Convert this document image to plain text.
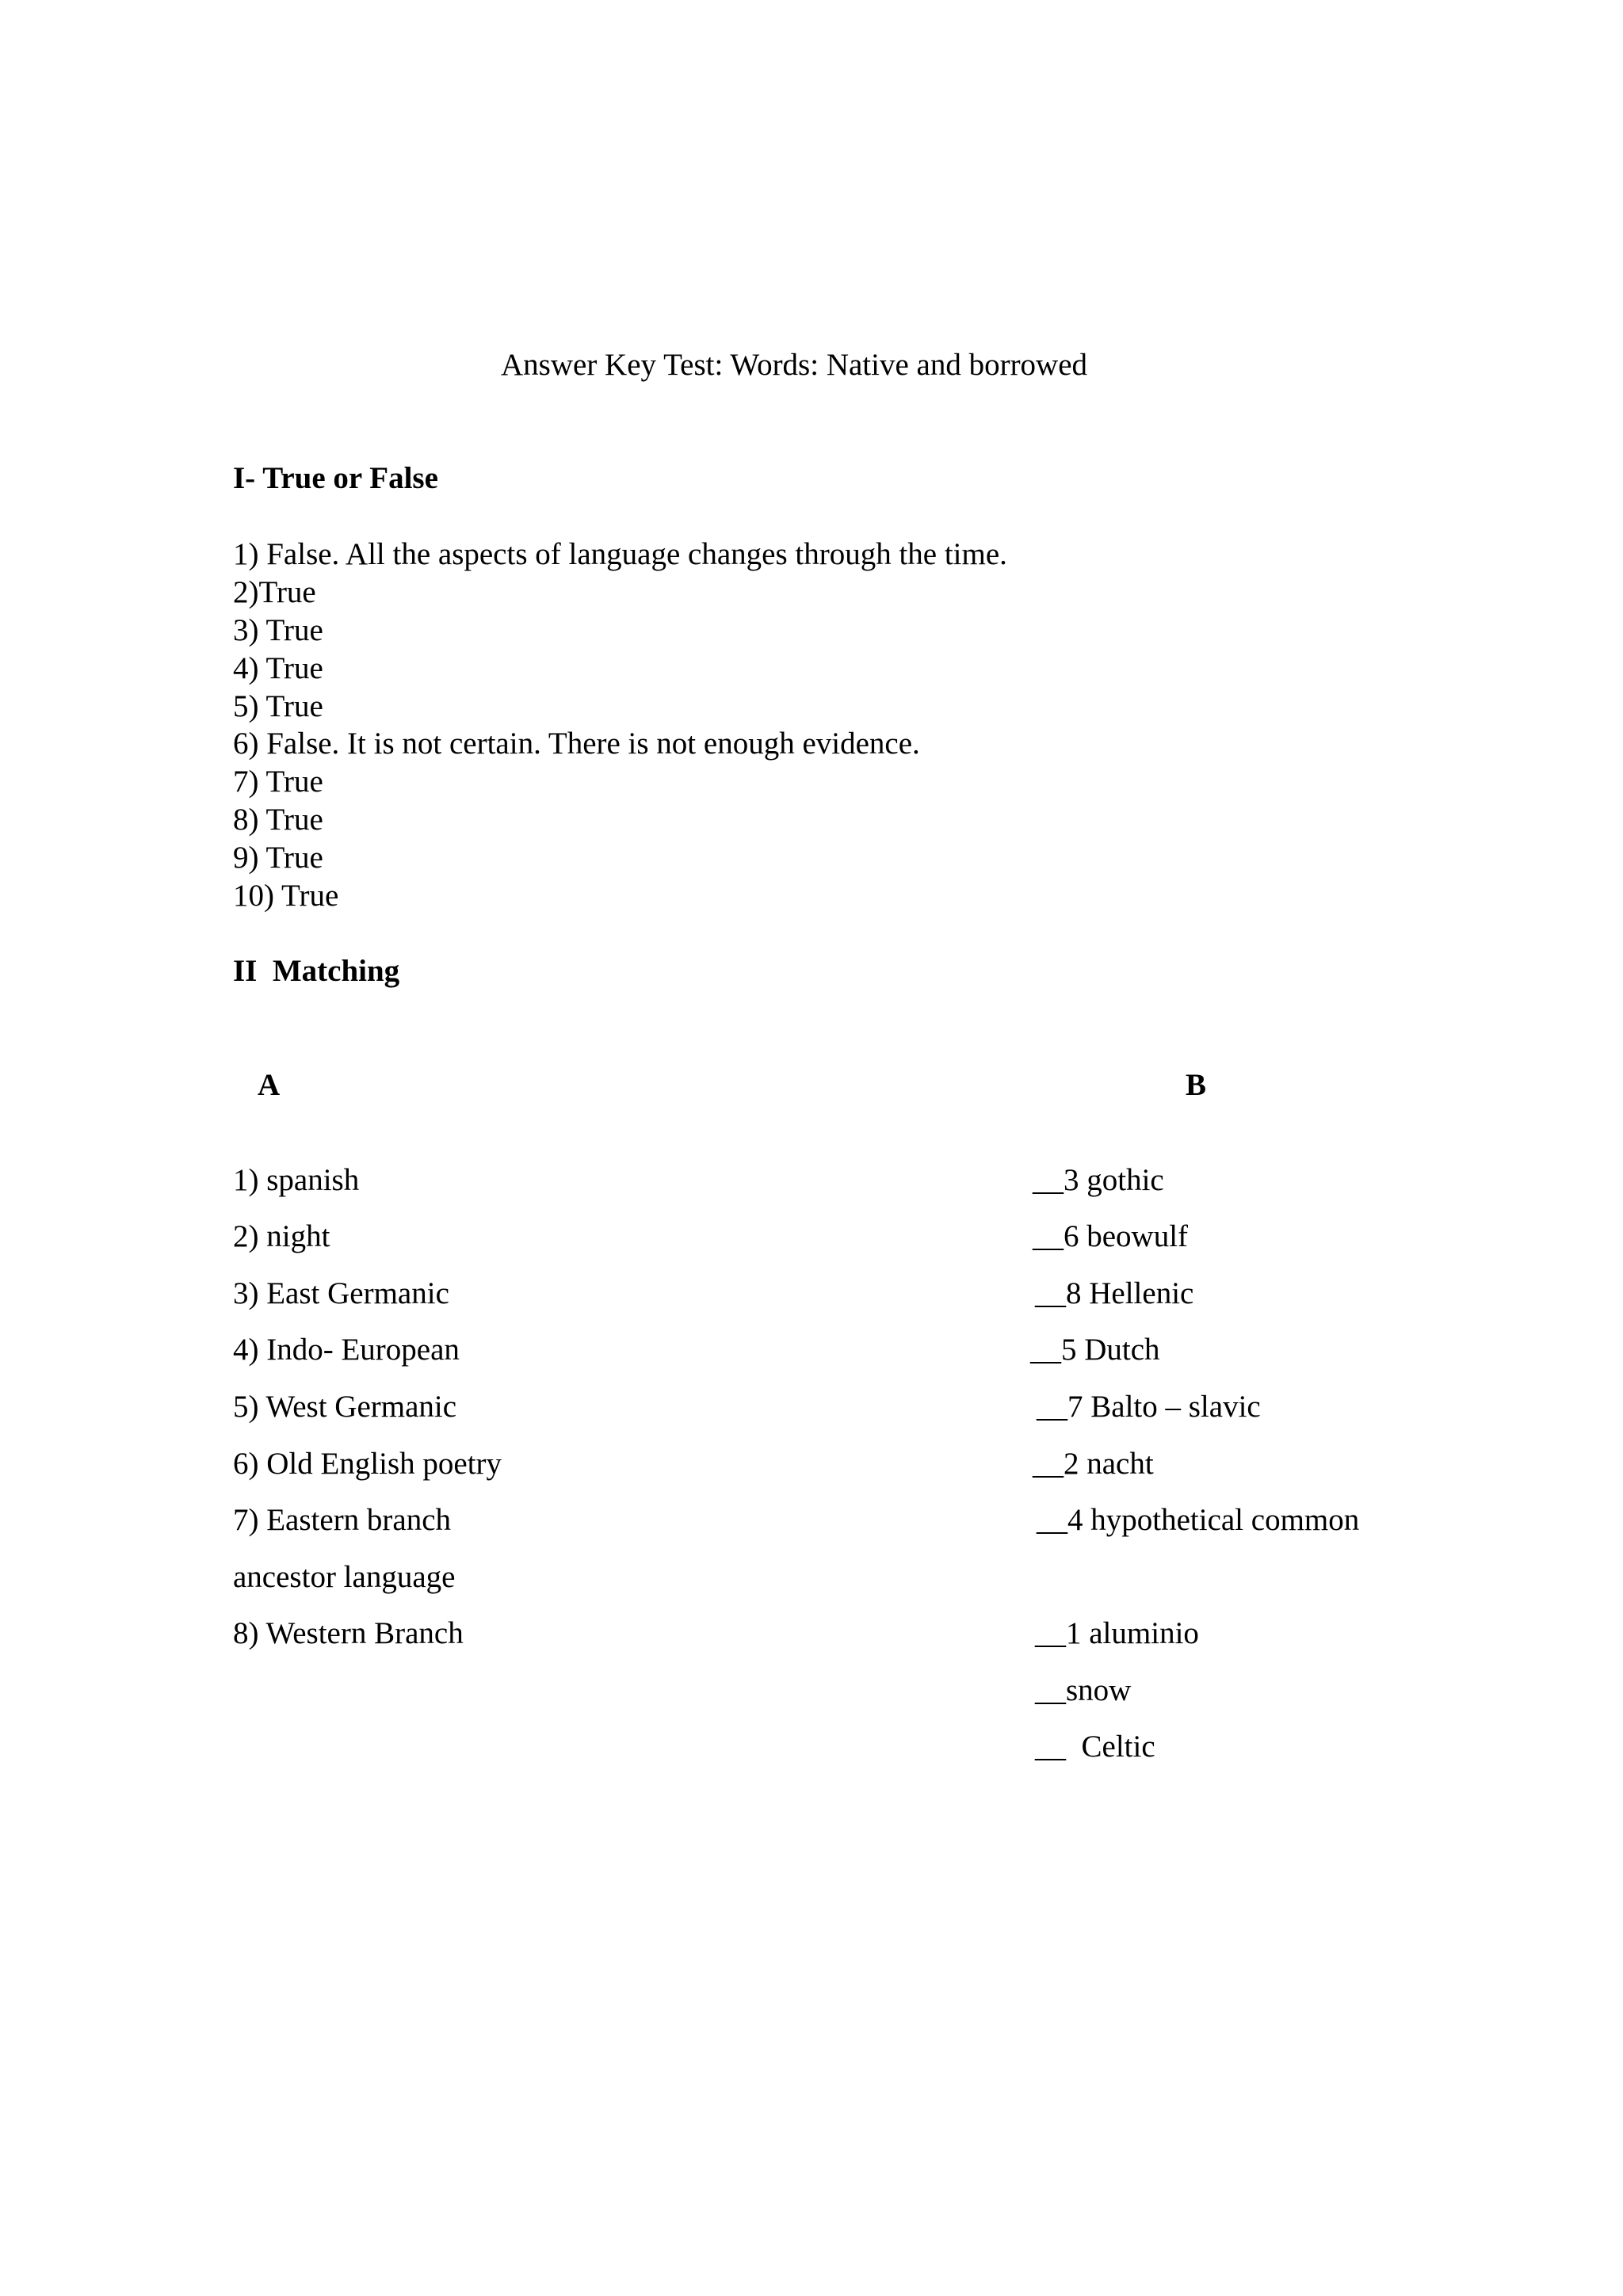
Answer Key Test: Words: Native and borrowed
I- True or False
1) False. All the aspects of language changes through the time.
2)True
3) True
4) True
5) True
6) False. It is not certain. There is not enough evidence.
7) True
8) True
9) True
10) True
II  Matching
A	B
1) spanish
2) night
3) East Germanic
4) Indo- European
5) West Germanic
6) Old English poetry
7) Eastern branch
ancestor language
8) Western Branch
__3 gothic
__6 beowulf
__8 Hellenic
__5 Dutch
__7 Balto – slavic
__2 nacht
__4 hypothetical common
__1 aluminio
__snow
__  Celtic
